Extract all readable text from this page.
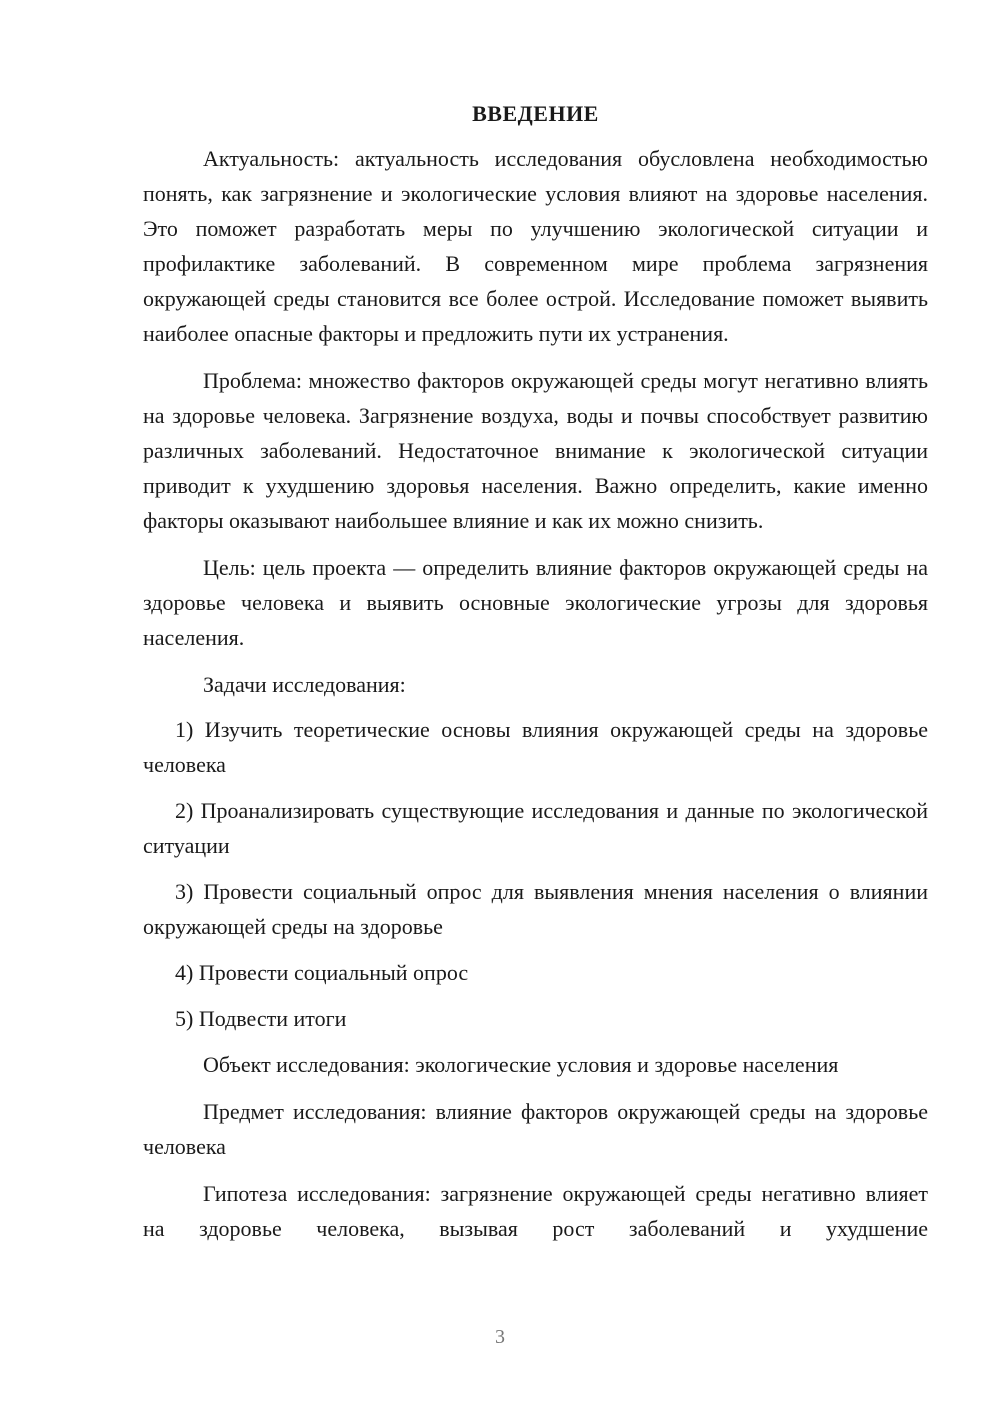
ВВЕДЕНИЕ

Актуальность: актуальность исследования обусловлена необходимостью понять, как загрязнение и экологические условия влияют на здоровье населения. Это поможет разработать меры по улучшению экологической ситуации и профилактике заболеваний. В современном мире проблема загрязнения окружающей среды становится все более острой. Исследование поможет выявить наиболее опасные факторы и предложить пути их устранения.

Проблема: множество факторов окружающей среды могут негативно влиять на здоровье человека. Загрязнение воздуха, воды и почвы способствует развитию различных заболеваний. Недостаточное внимание к экологической ситуации приводит к ухудшению здоровья населения. Важно определить, какие именно факторы оказывают наибольшее влияние и как их можно снизить.

Цель: цель проекта — определить влияние факторов окружающей среды на здоровье человека и выявить основные экологические угрозы для здоровья населения.

Задачи исследования:

1) Изучить теоретические основы влияния окружающей среды на здоровье человека

2) Проанализировать существующие исследования и данные по экологической ситуации

3) Провести социальный опрос для выявления мнения населения о влиянии окружающей среды на здоровье

4) Провести социальный опрос

5) Подвести итоги

Объект исследования: экологические условия и здоровье населения

Предмет исследования: влияние факторов окружающей среды на здоровье человека

Гипотеза исследования: загрязнение окружающей среды негативно влияет на здоровье человека, вызывая рост заболеваний и ухудшение

3
